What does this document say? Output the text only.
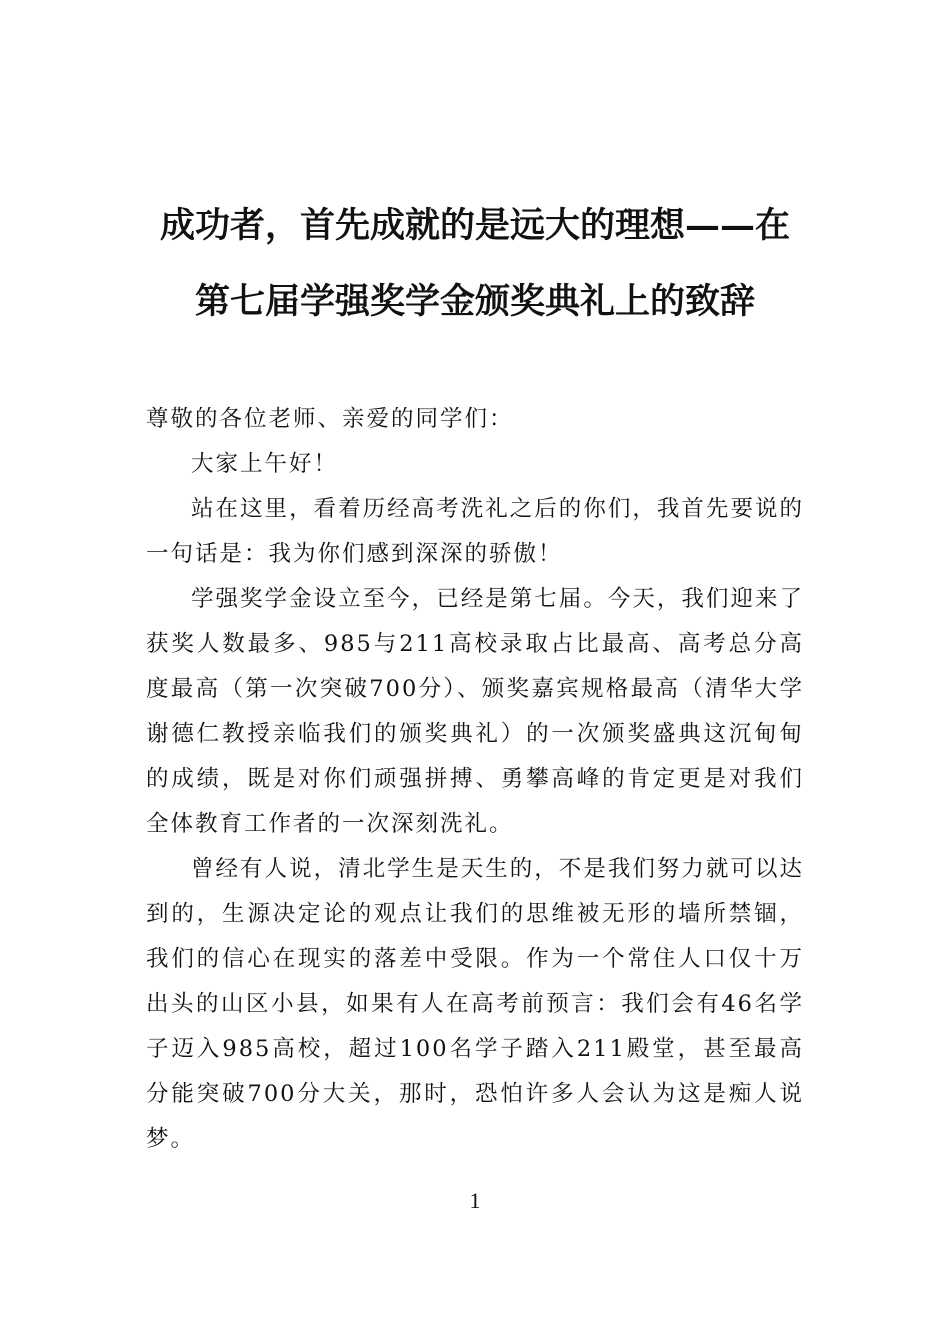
成功者，首先成就的是远大的理想——在
第七届学强奖学金颁奖典礼上的致辞

尊敬的各位老师、亲爱的同学们：

大家上午好！

站在这里，看着历经高考洗礼之后的你们，我首先要说的一句话是：我为你们感到深深的骄傲！

学强奖学金设立至今，已经是第七届。今天，我们迎来了获奖人数最多、985与211高校录取占比最高、高考总分高度最高（第一次突破700分）、颁奖嘉宾规格最高（清华大学谢德仁教授亲临我们的颁奖典礼）的一次颁奖盛典这沉甸甸的成绩，既是对你们顽强拼搏、勇攀高峰的肯定更是对我们全体教育工作者的一次深刻洗礼。

曾经有人说，清北学生是天生的，不是我们努力就可以达到的，生源决定论的观点让我们的思维被无形的墙所禁锢，我们的信心在现实的落差中受限。作为一个常住人口仅十万出头的山区小县，如果有人在高考前预言：我们会有46名学子迈入985高校，超过100名学子踏入211殿堂，甚至最高分能突破700分大关，那时，恐怕许多人会认为这是痴人说梦。

1
